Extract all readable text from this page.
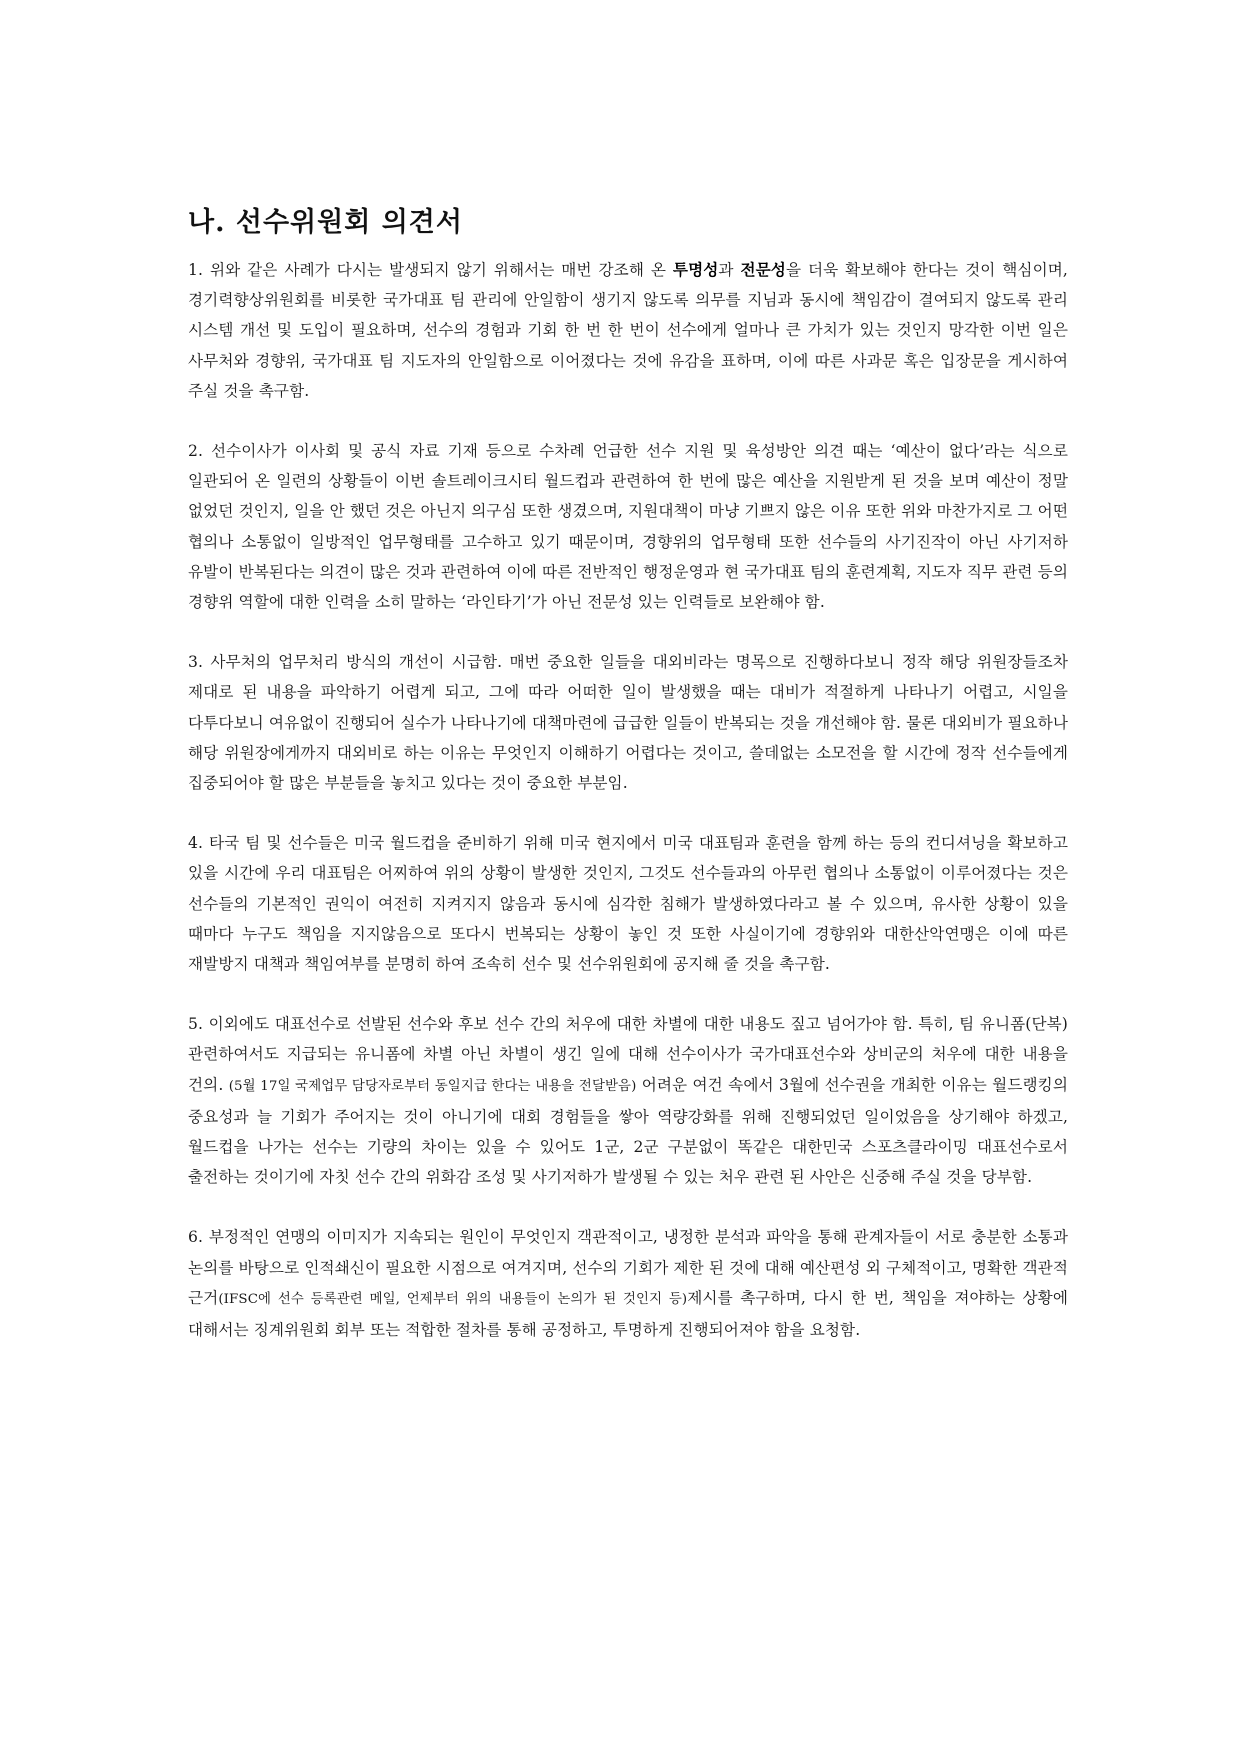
나. 선수위원회 의견서

1. 위와 같은 사례가 다시는 발생되지 않기 위해서는 매번 강조해 온 투명성과 전문성을 더욱 확보해야 한다는 것이 핵심이며, 경기력향상위원회를 비롯한 국가대표 팀 관리에 안일함이 생기지 않도록 의무를 지님과 동시에 책임감이 결여되지 않도록 관리 시스템 개선 및 도입이 필요하며, 선수의 경험과 기회 한 번 한 번이 선수에게 얼마나 큰 가치가 있는 것인지 망각한 이번 일은 사무처와 경향위, 국가대표 팀 지도자의 안일함으로 이어졌다는 것에 유감을 표하며, 이에 따른 사과문 혹은 입장문을 게시하여 주실 것을 촉구함.

2. 선수이사가 이사회 및 공식 자료 기재 등으로 수차례 언급한 선수 지원 및 육성방안 의견 때는 ‘예산이 없다’라는 식으로 일관되어 온 일련의 상황들이 이번 솔트레이크시티 월드컵과 관련하여 한 번에 많은 예산을 지원받게 된 것을 보며 예산이 정말 없었던 것인지, 일을 안 했던 것은 아닌지 의구심 또한 생겼으며, 지원대책이 마냥 기쁘지 않은 이유 또한 위와 마찬가지로 그 어떤 협의나 소통없이 일방적인 업무형태를 고수하고 있기 때문이며, 경향위의 업무형태 또한 선수들의 사기진작이 아닌 사기저하 유발이 반복된다는 의견이 많은 것과 관련하여 이에 따른 전반적인 행정운영과 현 국가대표 팀의 훈련계획, 지도자 직무 관련 등의 경향위 역할에 대한 인력을 소히 말하는 ‘라인타기’가 아닌 전문성 있는 인력들로 보완해야 함.

3. 사무처의 업무처리 방식의 개선이 시급함. 매번 중요한 일들을 대외비라는 명목으로 진행하다보니 정작 해당 위원장들조차 제대로 된 내용을 파악하기 어렵게 되고, 그에 따라 어떠한 일이 발생했을 때는 대비가 적절하게 나타나기 어렵고, 시일을 다투다보니 여유없이 진행되어 실수가 나타나기에 대책마련에 급급한 일들이 반복되는 것을 개선해야 함. 물론 대외비가 필요하나 해당 위원장에게까지 대외비로 하는 이유는 무엇인지 이해하기 어렵다는 것이고, 쓸데없는 소모전을 할 시간에 정작 선수들에게 집중되어야 할 많은 부분들을 놓치고 있다는 것이 중요한 부분임.

4. 타국 팀 및 선수들은 미국 월드컵을 준비하기 위해 미국 현지에서 미국 대표팀과 훈련을 함께 하는 등의 컨디셔닝을 확보하고 있을 시간에 우리 대표팀은 어찌하여 위의 상황이 발생한 것인지, 그것도 선수들과의 아무런 협의나 소통없이 이루어졌다는 것은 선수들의 기본적인 권익이 여전히 지켜지지 않음과 동시에 심각한 침해가 발생하였다라고 볼 수 있으며, 유사한 상황이 있을 때마다 누구도 책임을 지지않음으로 또다시 번복되는 상황이 놓인 것 또한 사실이기에 경향위와 대한산악연맹은 이에 따른 재발방지 대책과 책임여부를 분명히 하여 조속히 선수 및 선수위원회에 공지해 줄 것을 촉구함.

5. 이외에도 대표선수로 선발된 선수와 후보 선수 간의 처우에 대한 차별에 대한 내용도 짚고 넘어가야 함. 특히, 팀 유니폼(단복) 관련하여서도 지급되는 유니폼에 차별 아닌 차별이 생긴 일에 대해 선수이사가 국가대표선수와 상비군의 처우에 대한 내용을 건의. (5월 17일 국제업무 담당자로부터 동일지급 한다는 내용을 전달받음) 어려운 여건 속에서 3월에 선수권을 개최한 이유는 월드랭킹의 중요성과 늘 기회가 주어지는 것이 아니기에 대회 경험들을 쌓아 역량강화를 위해 진행되었던 일이었음을 상기해야 하겠고, 월드컵을 나가는 선수는 기량의 차이는 있을 수 있어도 1군, 2군 구분없이 똑같은 대한민국 스포츠클라이밍 대표선수로서 출전하는 것이기에 자칫 선수 간의 위화감 조성 및 사기저하가 발생될 수 있는 처우 관련 된 사안은 신중해 주실 것을 당부함.

6. 부정적인 연맹의 이미지가 지속되는 원인이 무엇인지 객관적이고, 냉정한 분석과 파악을 통해 관계자들이 서로 충분한 소통과 논의를 바탕으로 인적쇄신이 필요한 시점으로 여겨지며, 선수의 기회가 제한 된 것에 대해 예산편성 외 구체적이고, 명확한 객관적 근거(IFSC에 선수 등록관련 메일, 언제부터 위의 내용들이 논의가 된 것인지 등)제시를 촉구하며, 다시 한 번, 책임을 져야하는 상황에 대해서는 징계위원회 회부 또는 적합한 절차를 통해 공정하고, 투명하게 진행되어져야 함을 요청함.
